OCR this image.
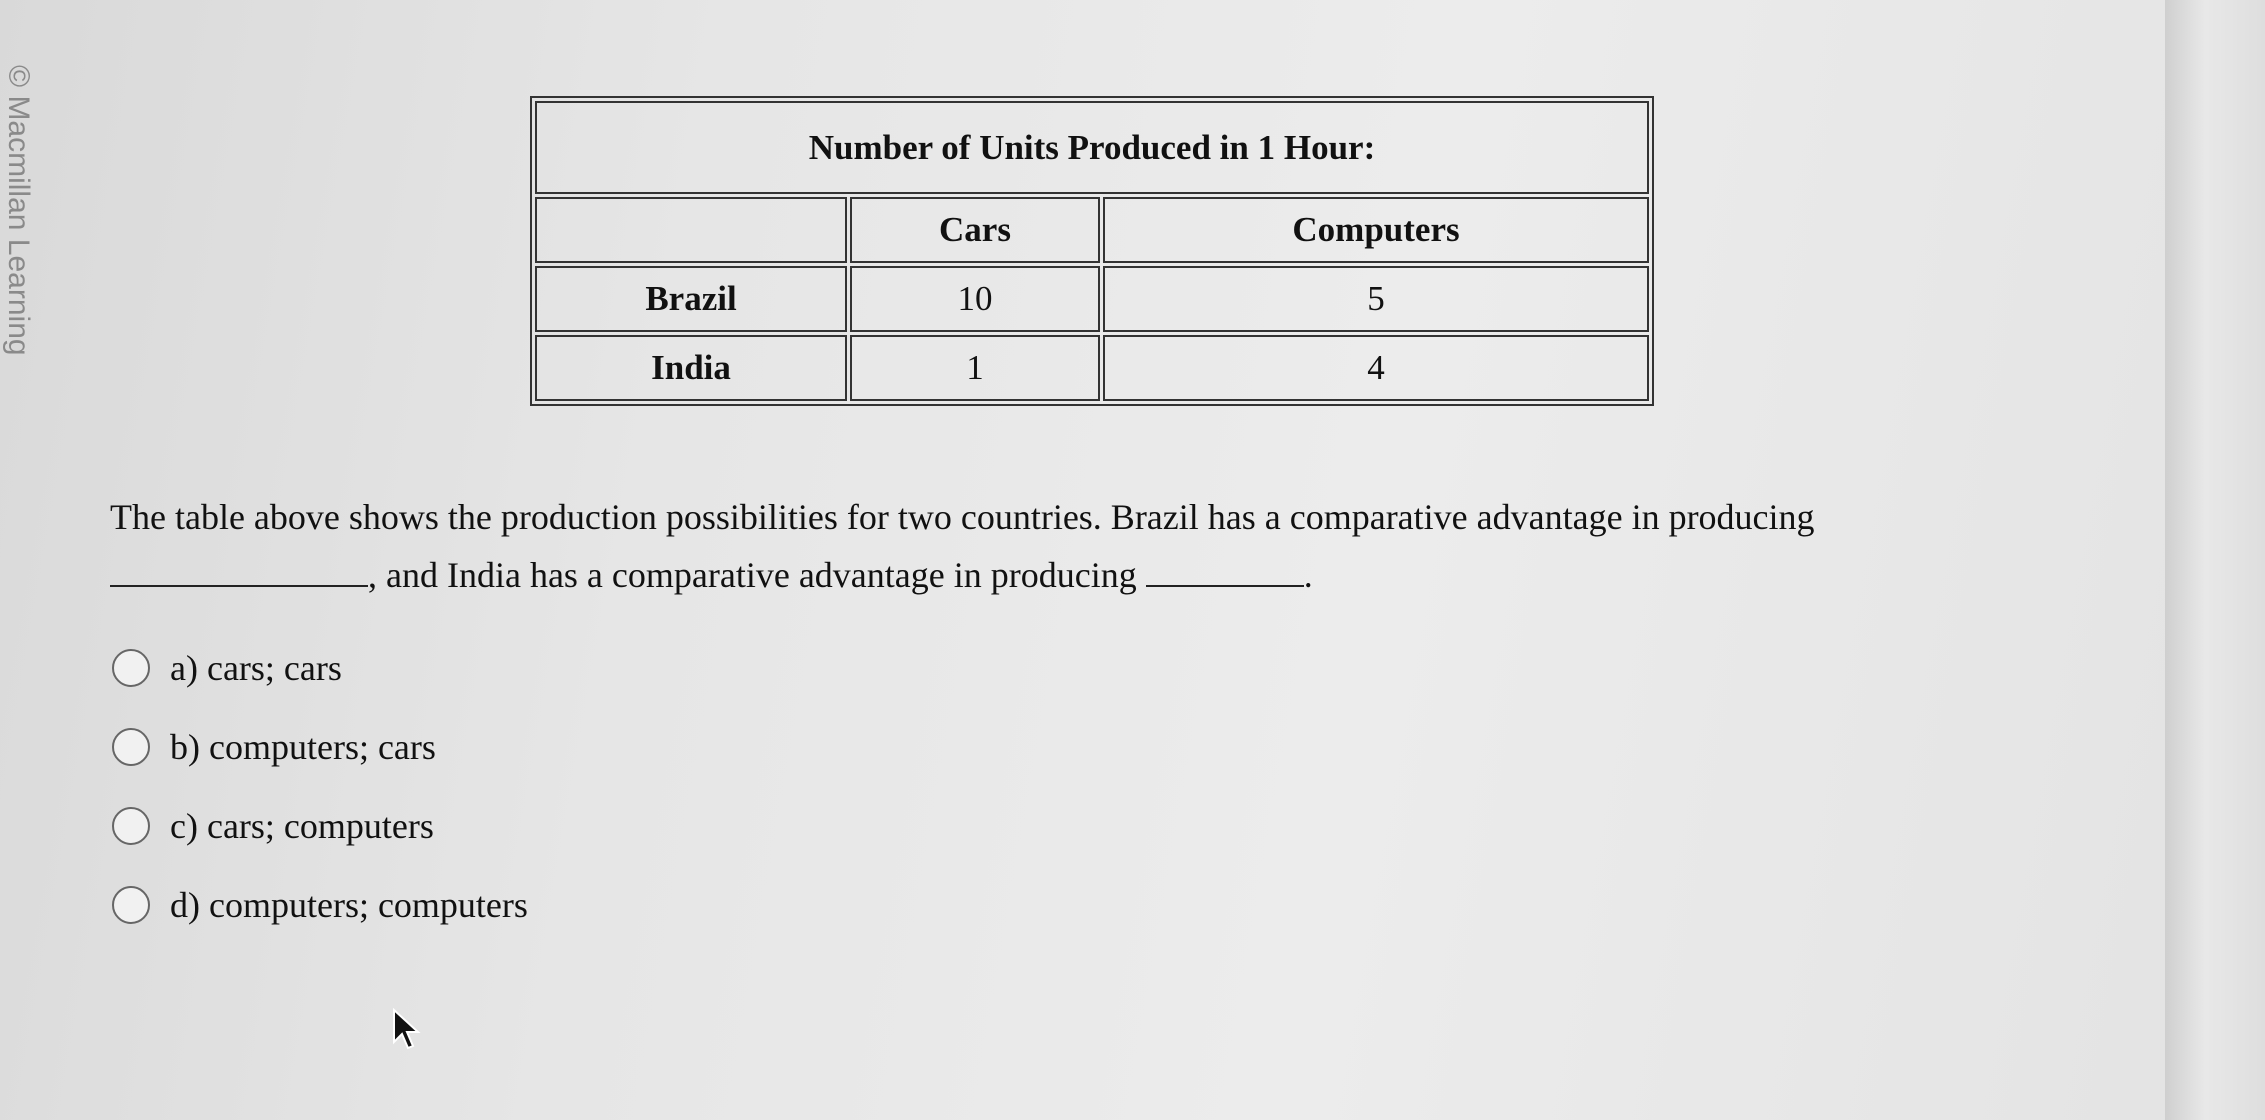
© Macmillan Learning	Number of Units Produced in 1 Hour:		
	Cars	Computers
Brazil	10	5
India	1	4
The table above shows the production possibilities for two countries. Brazil has a comparative advantage in producing
, and India has a comparative advantage in producing	.
a) cars; cars
b) computers; cars
c) cars; computers
d) computers; computers
